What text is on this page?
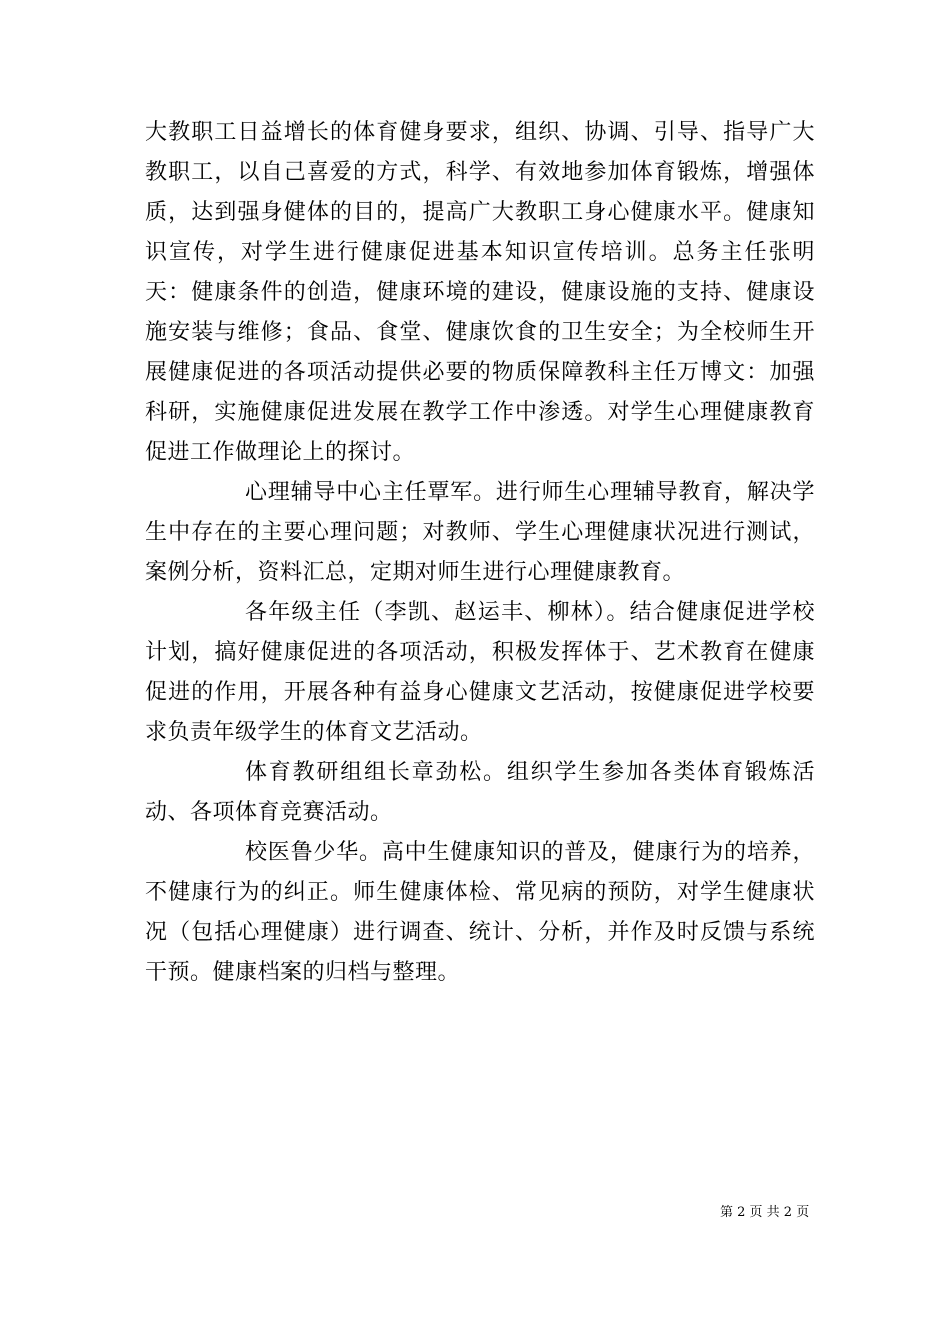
大教职工日益增长的体育健身要求，组织、协调、引导、指导广大教职工，以自己喜爱的方式，科学、有效地参加体育锻炼，增强体质，达到强身健体的目的，提高广大教职工身心健康水平。健康知识宣传，对学生进行健康促进基本知识宣传培训。总务主任张明天：健康条件的创造，健康环境的建设，健康设施的支持、健康设施安装与维修；食品、食堂、健康饮食的卫生安全；为全校师生开展健康促进的各项活动提供必要的物质保障教科主任万博文：加强科研，实施健康促进发展在教学工作中渗透。对学生心理健康教育促进工作做理论上的探讨。

心理辅导中心主任覃军。进行师生心理辅导教育，解决学生中存在的主要心理问题；对教师、学生心理健康状况进行测试，案例分析，资料汇总，定期对师生进行心理健康教育。

各年级主任（李凯、赵运丰、柳林）。结合健康促进学校计划，搞好健康促进的各项活动，积极发挥体于、艺术教育在健康促进的作用，开展各种有益身心健康文艺活动，按健康促进学校要求负责年级学生的体育文艺活动。

体育教研组组长章劲松。组织学生参加各类体育锻炼活动、各项体育竞赛活动。

校医鲁少华。高中生健康知识的普及，健康行为的培养，不健康行为的纠正。师生健康体检、常见病的预防，对学生健康状况（包括心理健康）进行调查、统计、分析，并作及时反馈与系统干预。健康档案的归档与整理。

第 2 页 共 2 页
